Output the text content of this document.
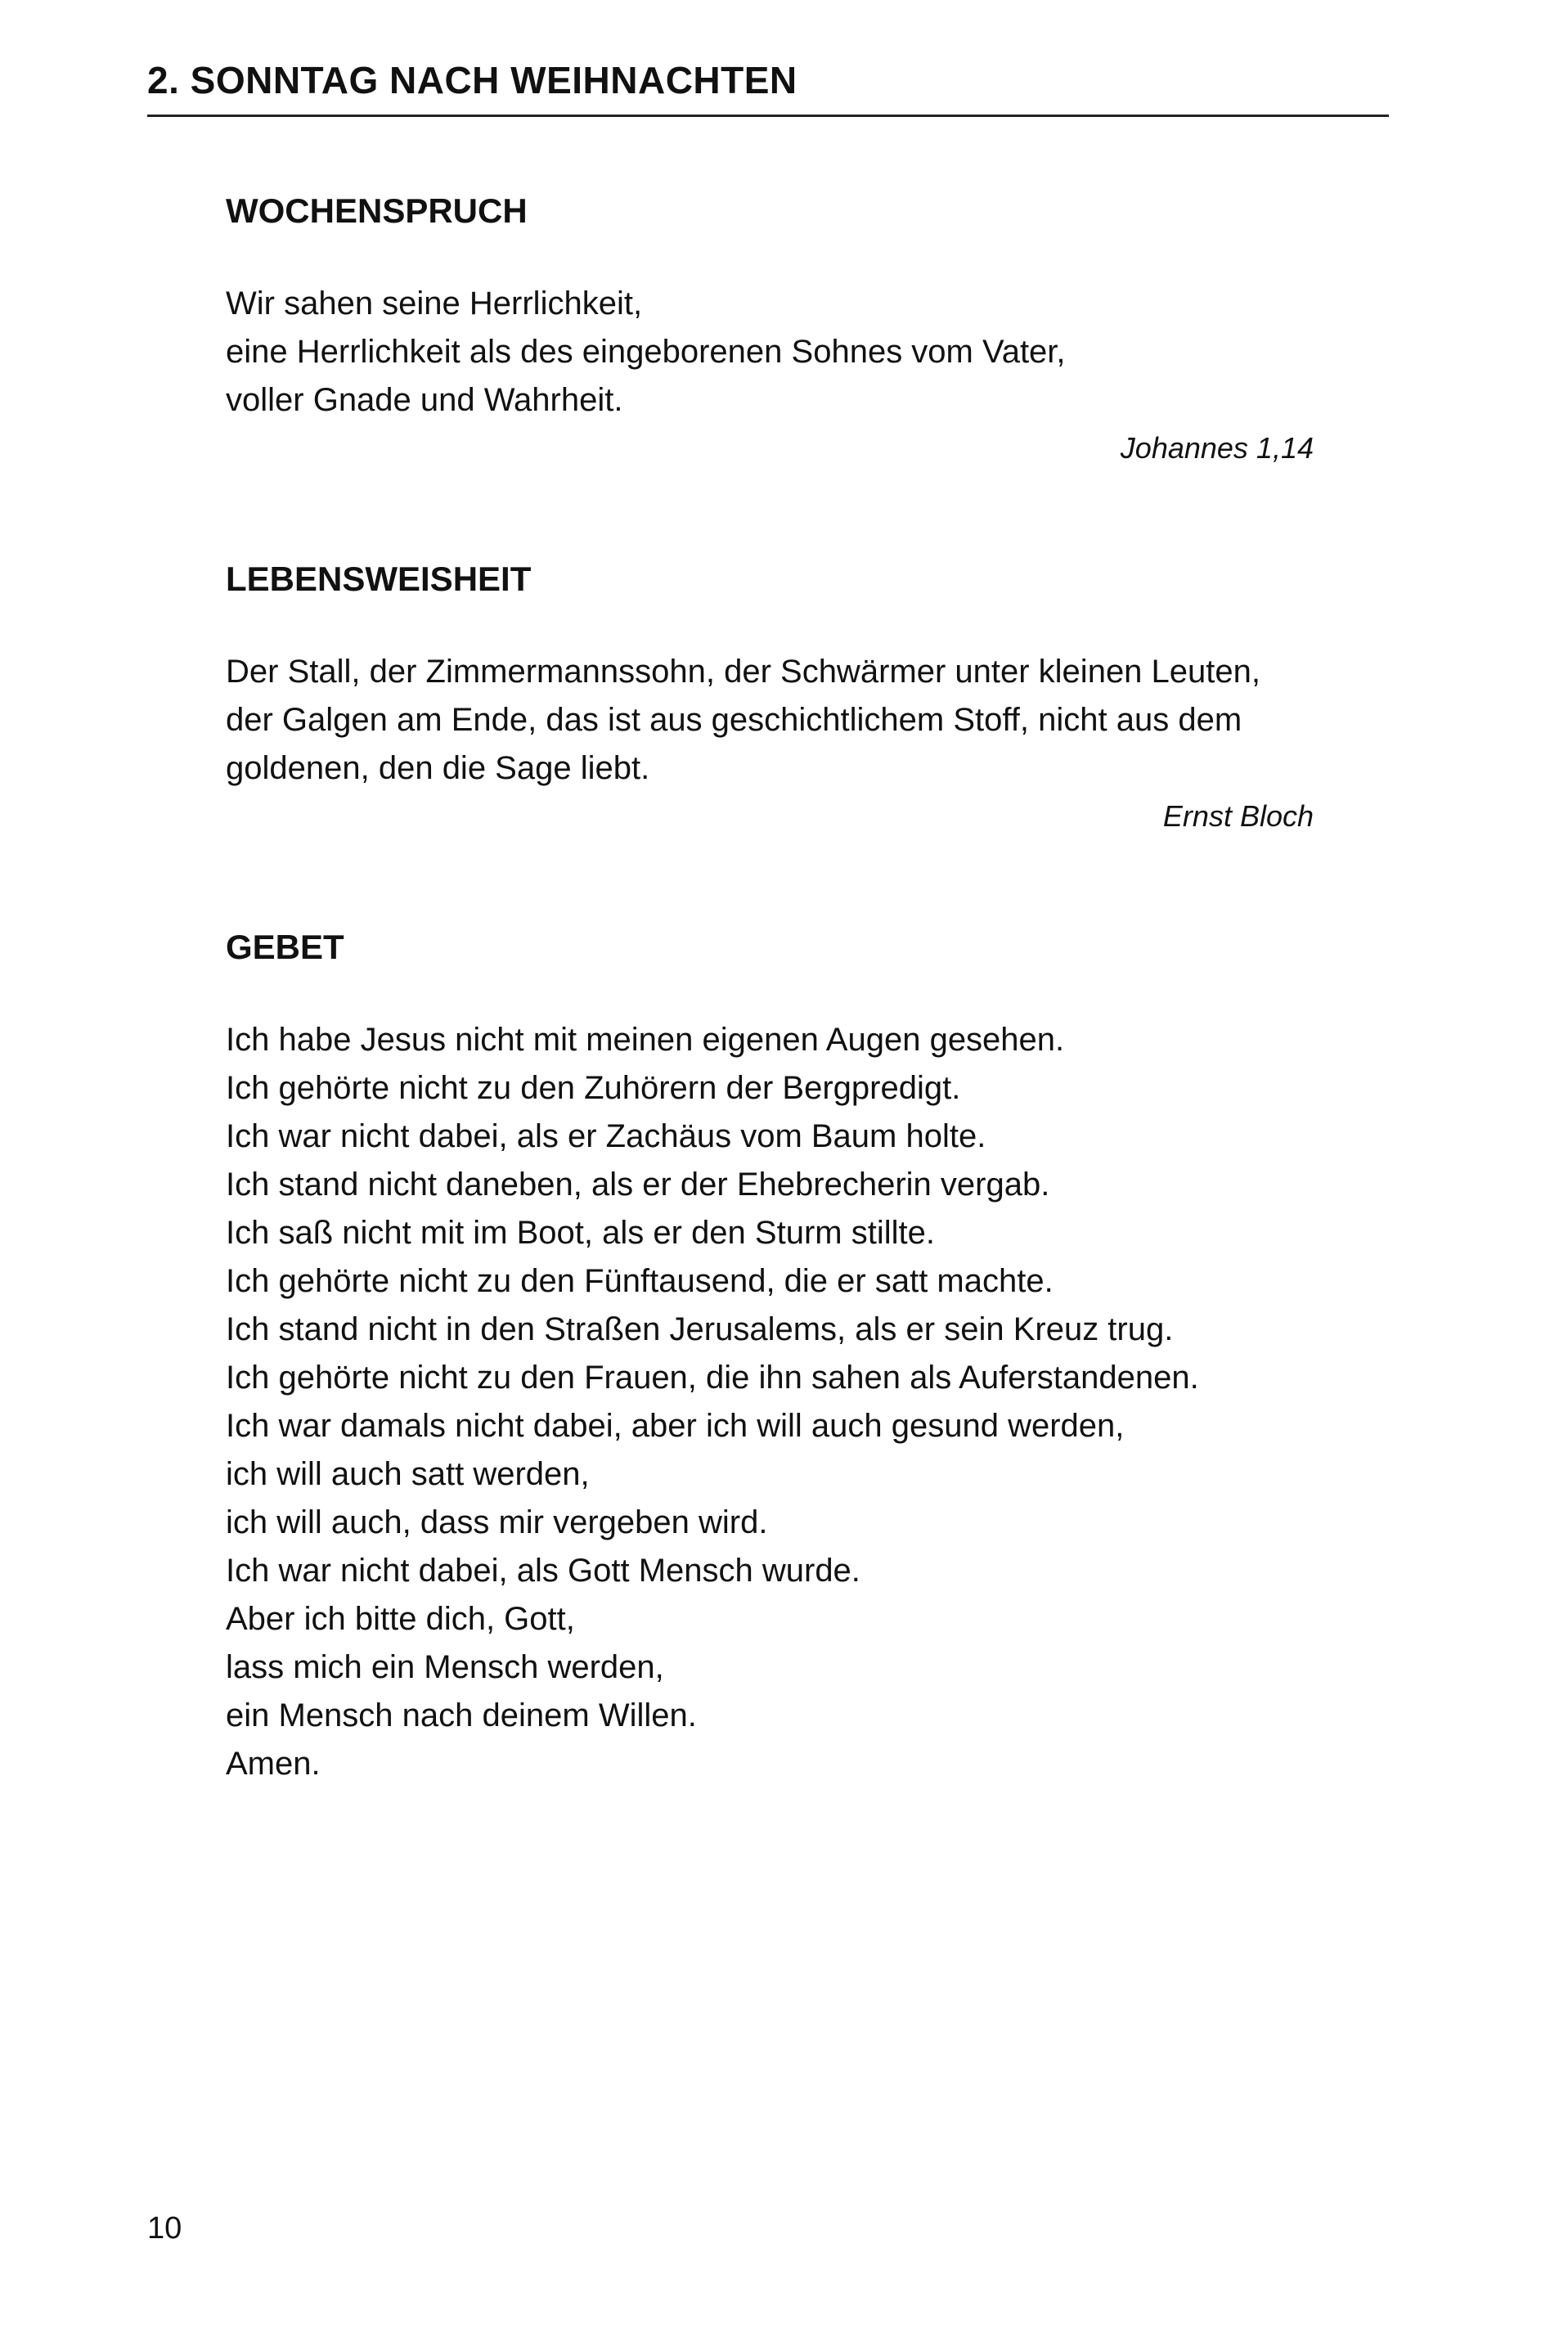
2. SONNTAG NACH WEIHNACHTEN
WOCHENSPRUCH
Wir sahen seine Herrlichkeit,
eine Herrlichkeit als des eingeborenen Sohnes vom Vater,
voller Gnade und Wahrheit.
Johannes 1,14
LEBENSWEISHEIT
Der Stall, der Zimmermannssohn, der Schwärmer unter kleinen Leuten,
der Galgen am Ende, das ist aus geschichtlichem Stoff, nicht aus dem
goldenen, den die Sage liebt.
Ernst Bloch
GEBET
Ich habe Jesus nicht mit meinen eigenen Augen gesehen.
Ich gehörte nicht zu den Zuhörern der Bergpredigt.
Ich war nicht dabei, als er Zachäus vom Baum holte.
Ich stand nicht daneben, als er der Ehebrecherin vergab.
Ich saß nicht mit im Boot, als er den Sturm stillte.
Ich gehörte nicht zu den Fünftausend, die er satt machte.
Ich stand nicht in den Straßen Jerusalems, als er sein Kreuz trug.
Ich gehörte nicht zu den Frauen, die ihn sahen als Auferstandenen.
Ich war damals nicht dabei, aber ich will auch gesund werden,
ich will auch satt werden,
ich will auch, dass mir vergeben wird.
Ich war nicht dabei, als Gott Mensch wurde.
Aber ich bitte dich, Gott,
lass mich ein Mensch werden,
ein Mensch nach deinem Willen.
Amen.
10
